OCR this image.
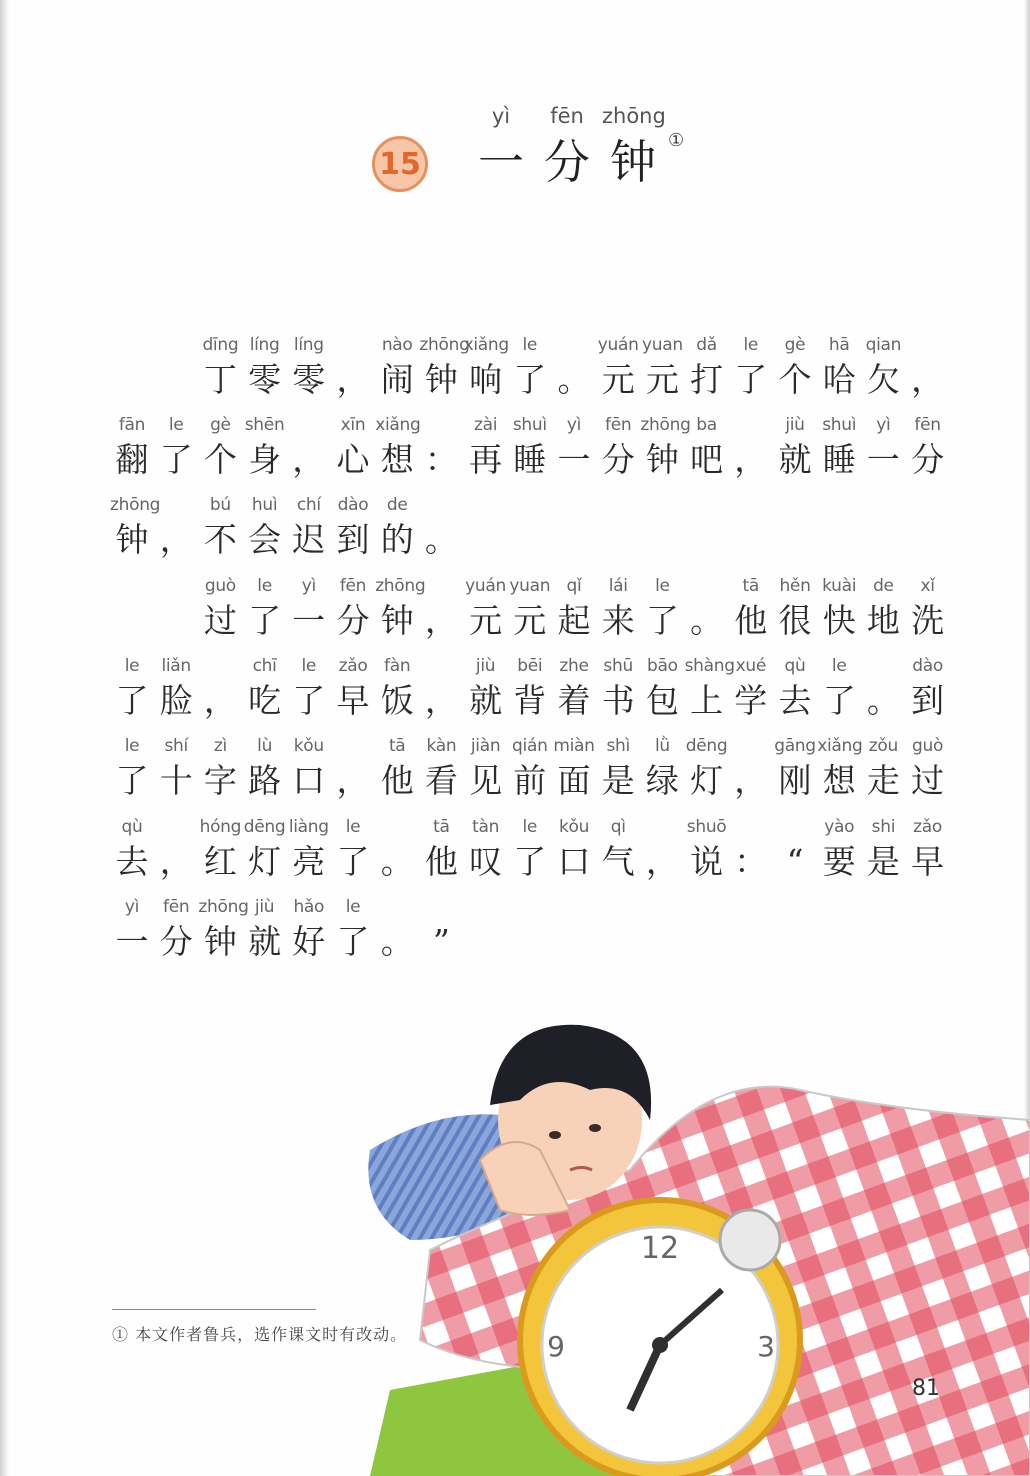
15
yì
一
fēn
分
zhōng
钟 ①
dīng
丁
líng
零
líng
零 ，
nào
闹
zhōng
钟
xiǎng
响
le
了 。
yuán
元
yuan
元
dǎ
打
le
了
gè
个
hā
哈
qian
欠 ，
fān
翻
le
了
gè
个
shēn
身 ，
xīn
心
xiǎng
想 ：
zài
再
shuì
睡
yì
一
fēn
分
zhōng
钟
ba
吧 ，
jiù
就
shuì
睡
yì
一
fēn
分
zhōng
钟 ，
bú
不
huì
会
chí
迟
dào
到
de
的 。
guò
过
le
了
yì
一
fēn
分
zhōng
钟 ，
yuán
元
yuan
元
qǐ
起
lái
来
le
了 。
tā
他
hěn
很
kuài
快
de
地
xǐ
洗
le
了
liǎn
脸 ，
chī
吃
le
了
zǎo
早
fàn
饭 ，
jiù
就
bēi
背
zhe
着
shū
书
bāo
包
shàng
上
xué
学
qù
去
le
了 。
dào
到
le
了
shí
十
zì
字
lù
路
kǒu
口 ，
tā
他
kàn
看
jiàn
见
qián
前
miàn
面
shì
是
lǜ
绿
dēng
灯 ，
gāng
刚
xiǎng
想
zǒu
走
guò
过
qù
去 ，
hóng
红
dēng
灯
liàng
亮
le
了 。
tā
他
tàn
叹
le
了
kǒu
口
qì
气 ，
shuō
说 ： “
yào
要
shi
是
zǎo
早
yì
一
fēn
分
zhōng
钟
jiù
就
hǎo
好
le
了 。 ”
12
3
9
① 本文作者鲁兵，选作课文时有改动。
81
